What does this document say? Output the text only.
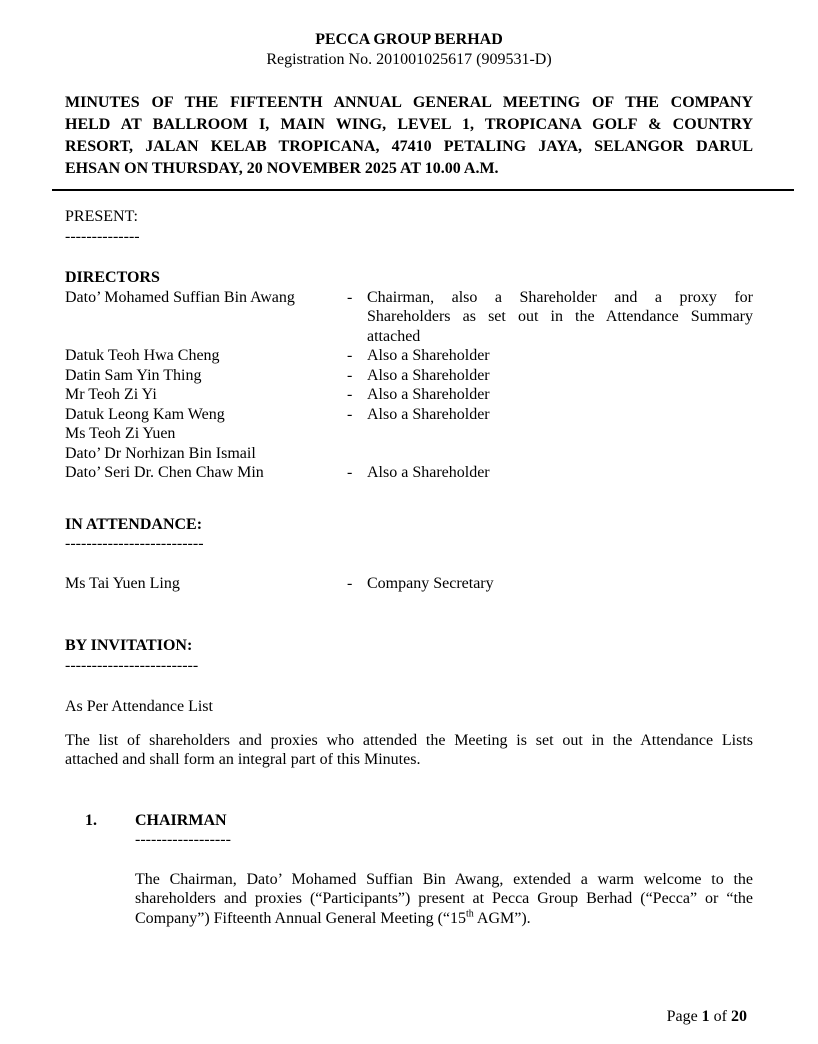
PECCA GROUP BERHAD
Registration No. 201001025617 (909531-D)
MINUTES OF THE FIFTEENTH ANNUAL GENERAL MEETING OF THE COMPANY
HELD AT BALLROOM I, MAIN WING, LEVEL 1, TROPICANA GOLF & COUNTRY
RESORT, JALAN KELAB TROPICANA, 47410 PETALING JAYA, SELANGOR DARUL
EHSAN ON THURSDAY, 20 NOVEMBER 2025 AT 10.00 A.M.
PRESENT:
--------------
DIRECTORS
Dato’ Mohamed Suffian Bin Awang	- Chairman, also a Shareholder and a proxy for
Shareholders as set out in the Attendance Summary
attached
Datuk Teoh Hwa Cheng	- Also a Shareholder
Datin Sam Yin Thing	- Also a Shareholder
Mr Teoh Zi Yi	- Also a Shareholder
Datuk Leong Kam Weng	- Also a Shareholder
Ms Teoh Zi Yuen
Dato’ Dr Norhizan Bin Ismail
Dato’ Seri Dr. Chen Chaw Min	- Also a Shareholder
IN ATTENDANCE:
--------------------------
Ms Tai Yuen Ling	- Company Secretary
BY INVITATION:
-------------------------
As Per Attendance List
The list of shareholders and proxies who attended the Meeting is set out in the Attendance Lists
attached and shall form an integral part of this Minutes.
1.	CHAIRMAN
------------------
The Chairman, Dato’ Mohamed Suffian Bin Awang, extended a warm welcome to the
shareholders and proxies (“Participants”) present at Pecca Group Berhad (“Pecca” or “the
Company”) Fifteenth Annual General Meeting (“15th AGM”).
Page 1 of 20
